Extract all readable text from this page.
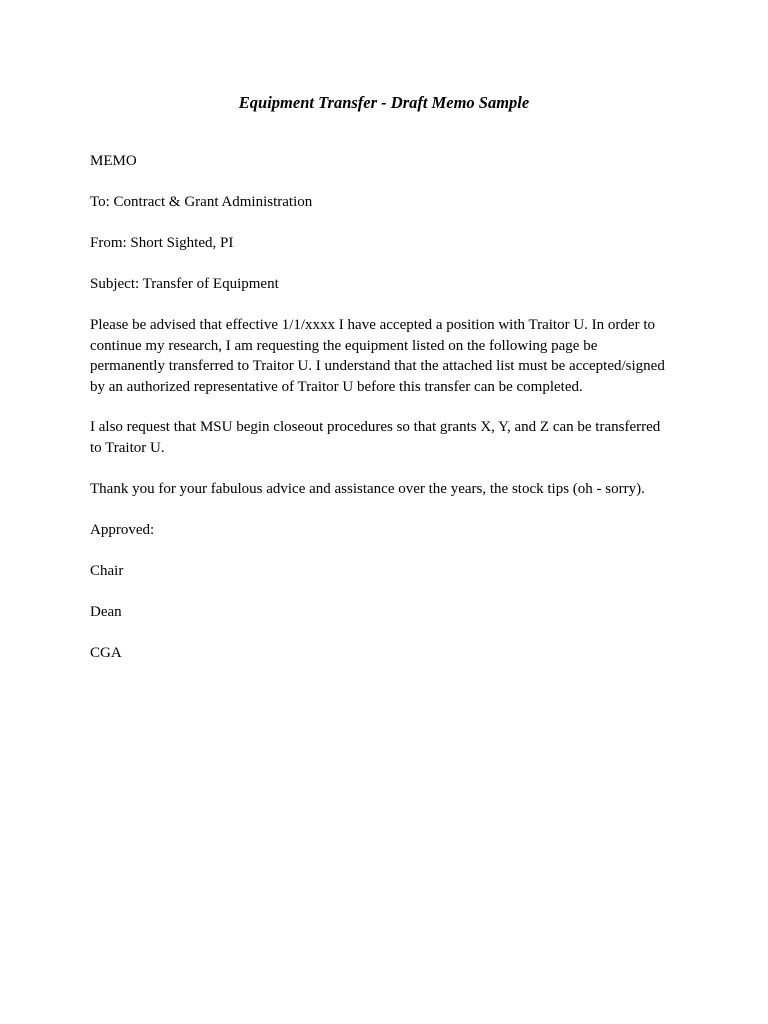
Equipment Transfer - Draft Memo Sample
MEMO
To: Contract & Grant Administration
From: Short Sighted, PI
Subject: Transfer of Equipment
Please be advised that effective 1/1/xxxx I have accepted a position with Traitor U. In order to
continue my research, I am requesting the equipment listed on the following page be
permanently transferred to Traitor U. I understand that the attached list must be accepted/signed
by an authorized representative of Traitor U before this transfer can be completed.
I also request that MSU begin closeout procedures so that grants X, Y, and Z can be transferred
to Traitor U.
Thank you for your fabulous advice and assistance over the years, the stock tips (oh - sorry).
Approved:
Chair
Dean
CGA
